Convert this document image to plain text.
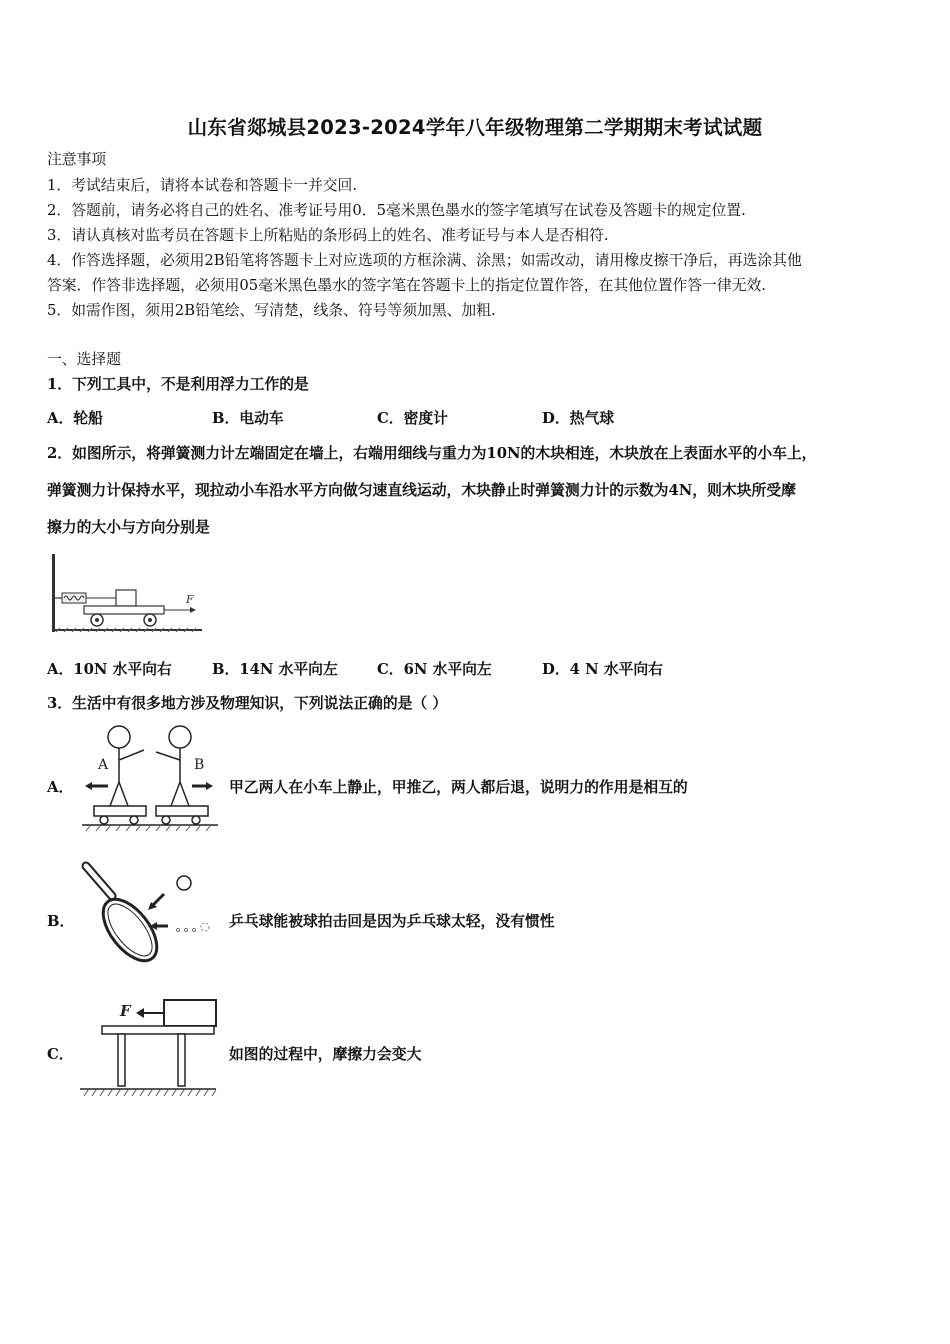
山东省郯城县2023-2024学年八年级物理第二学期期末考试试题
注意事项
1．考试结束后，请将本试卷和答题卡一并交回.
2．答题前，请务必将自己的姓名、准考证号用0．5毫米黑色墨水的签字笔填写在试卷及答题卡的规定位置.
3．请认真核对监考员在答题卡上所粘贴的条形码上的姓名、准考证号与本人是否相符.
4．作答选择题，必须用2B铅笔将答题卡上对应选项的方框涂满、涂黑；如需改动，请用橡皮擦干净后，再选涂其他
答案．作答非选择题，必须用05毫米黑色墨水的签字笔在答题卡上的指定位置作答，在其他位置作答一律无效.
5．如需作图，须用2B铅笔绘、写清楚，线条、符号等须加黑、加粗.
一、选择题
1．下列工具中，不是利用浮力工作的是
A．轮船	B．电动车	C．密度计	D．热气球
2．如图所示，将弹簧测力计左端固定在墙上，右端用细线与重力为10N的木块相连，木块放在上表面水平的小车上，
弹簧测力计保持水平，现拉动小车沿水平方向做匀速直线运动，木块静止时弹簧测力计的示数为4N，则木块所受摩
擦力的大小与方向分别是
F
A．10N 水平向右	B．14N 水平向左	C．6N 水平向左	D．4 N 水平向右
3．生活中有很多地方涉及物理知识，下列说法正确的是（ ）
A．
A	B
甲乙两人在小车上静止，甲推乙，两人都后退，说明力的作用是相互的
B．	乒乓球能被球拍击回是因为乒乓球太轻，没有惯性
C．
F
如图的过程中，摩擦力会变大
